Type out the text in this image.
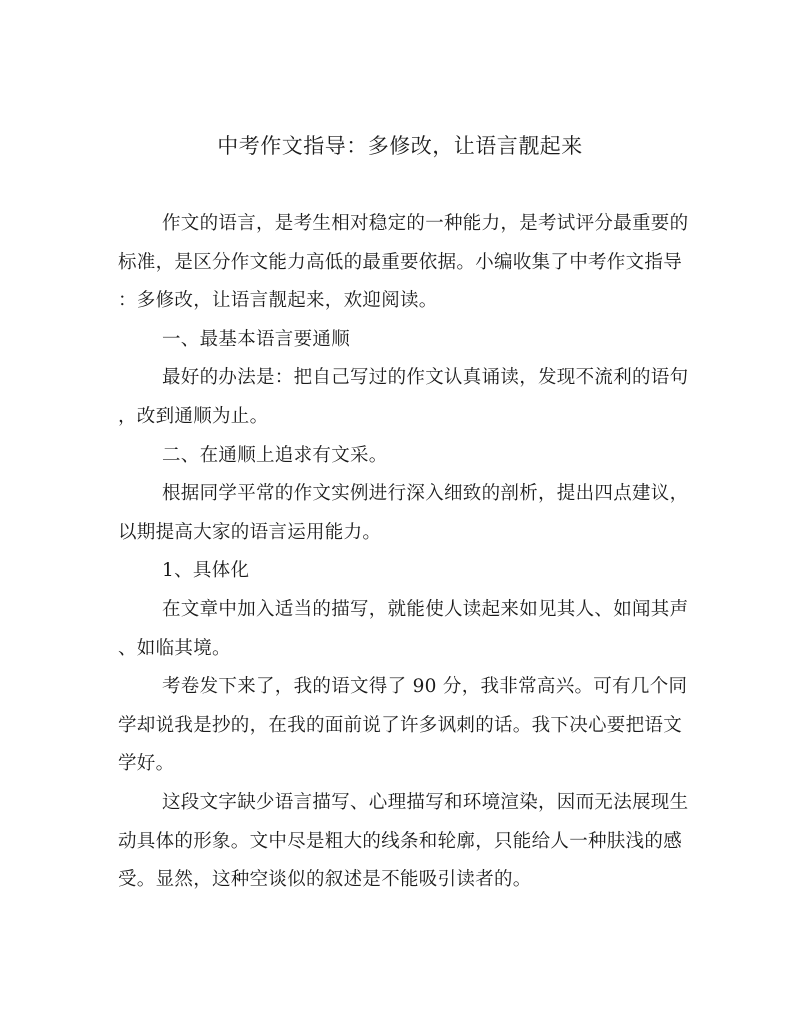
中考作文指导：多修改，让语言靓起来
作文的语言，是考生相对稳定的一种能力，是考试评分最重要的
标准，是区分作文能力高低的最重要依据。小编收集了中考作文指导
：多修改，让语言靓起来，欢迎阅读。
一、最基本语言要通顺
最好的办法是：把自己写过的作文认真诵读，发现不流利的语句
，改到通顺为止。
二、在通顺上追求有文采。
根据同学平常的作文实例进行深入细致的剖析，提出四点建议，
以期提高大家的语言运用能力。
1、具体化
在文章中加入适当的描写，就能使人读起来如见其人、如闻其声
、如临其境。
考卷发下来了，我的语文得了 90 分，我非常高兴。可有几个同
学却说我是抄的，在我的面前说了许多讽刺的话。我下决心要把语文
学好。
这段文字缺少语言描写、心理描写和环境渲染，因而无法展现生
动具体的形象。文中尽是粗大的线条和轮廓，只能给人一种肤浅的感
受。显然，这种空谈似的叙述是不能吸引读者的。
